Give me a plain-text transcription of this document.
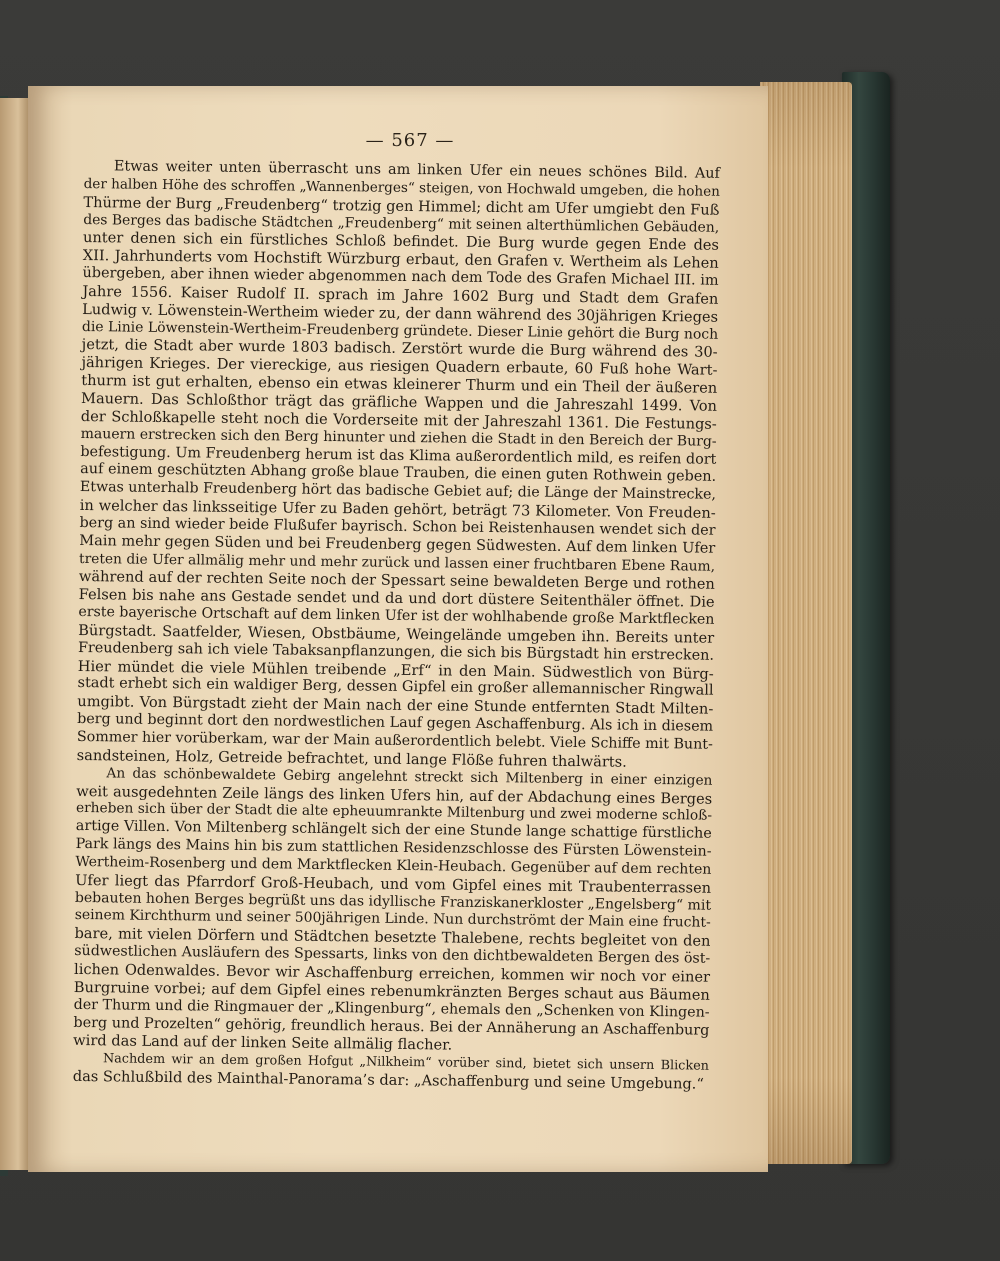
— 567 —

Etwas weiter unten überrascht uns am linken Ufer ein neues schönes Bild. Auf
der halben Höhe des schroffen „Wannenberges“ steigen, von Hochwald umgeben, die hohen
Thürme der Burg „Freudenberg“ trotzig gen Himmel; dicht am Ufer umgiebt den Fuß
des Berges das badische Städtchen „Freudenberg“ mit seinen alterthümlichen Gebäuden,
unter denen sich ein fürstliches Schloß befindet. Die Burg wurde gegen Ende des
XII. Jahrhunderts vom Hochstift Würzburg erbaut, den Grafen v. Wertheim als Lehen
übergeben, aber ihnen wieder abgenommen nach dem Tode des Grafen Michael III. im
Jahre 1556. Kaiser Rudolf II. sprach im Jahre 1602 Burg und Stadt dem Grafen
Ludwig v. Löwenstein-Wertheim wieder zu, der dann während des 30jährigen Krieges
die Linie Löwenstein-Wertheim-Freudenberg gründete. Dieser Linie gehört die Burg noch
jetzt, die Stadt aber wurde 1803 badisch. Zerstört wurde die Burg während des 30-
jährigen Krieges. Der viereckige, aus riesigen Quadern erbaute, 60 Fuß hohe Wart-
thurm ist gut erhalten, ebenso ein etwas kleinerer Thurm und ein Theil der äußeren
Mauern. Das Schloßthor trägt das gräfliche Wappen und die Jahreszahl 1499. Von
der Schloßkapelle steht noch die Vorderseite mit der Jahreszahl 1361. Die Festungs-
mauern erstrecken sich den Berg hinunter und ziehen die Stadt in den Bereich der Burg-
befestigung. Um Freudenberg herum ist das Klima außerordentlich mild, es reifen dort
auf einem geschützten Abhang große blaue Trauben, die einen guten Rothwein geben.
Etwas unterhalb Freudenberg hört das badische Gebiet auf; die Länge der Mainstrecke,
in welcher das linksseitige Ufer zu Baden gehört, beträgt 73 Kilometer. Von Freuden-
berg an sind wieder beide Flußufer bayrisch. Schon bei Reistenhausen wendet sich der
Main mehr gegen Süden und bei Freudenberg gegen Südwesten. Auf dem linken Ufer
treten die Ufer allmälig mehr und mehr zurück und lassen einer fruchtbaren Ebene Raum,
während auf der rechten Seite noch der Spessart seine bewaldeten Berge und rothen
Felsen bis nahe ans Gestade sendet und da und dort düstere Seitenthäler öffnet. Die
erste bayerische Ortschaft auf dem linken Ufer ist der wohlhabende große Marktflecken
Bürgstadt. Saatfelder, Wiesen, Obstbäume, Weingelände umgeben ihn. Bereits unter
Freudenberg sah ich viele Tabaksanpflanzungen, die sich bis Bürgstadt hin erstrecken.
Hier mündet die viele Mühlen treibende „Erf“ in den Main. Südwestlich von Bürg-
stadt erhebt sich ein waldiger Berg, dessen Gipfel ein großer allemannischer Ringwall
umgibt. Von Bürgstadt zieht der Main nach der eine Stunde entfernten Stadt Milten-
berg und beginnt dort den nordwestlichen Lauf gegen Aschaffenburg. Als ich in diesem
Sommer hier vorüberkam, war der Main außerordentlich belebt. Viele Schiffe mit Bunt-
sandsteinen, Holz, Getreide befrachtet, und lange Flöße fuhren thalwärts.

An das schönbewaldete Gebirg angelehnt streckt sich Miltenberg in einer einzigen
weit ausgedehnten Zeile längs des linken Ufers hin, auf der Abdachung eines Berges
erheben sich über der Stadt die alte epheuumrankte Miltenburg und zwei moderne schloß-
artige Villen. Von Miltenberg schlängelt sich der eine Stunde lange schattige fürstliche
Park längs des Mains hin bis zum stattlichen Residenzschlosse des Fürsten Löwenstein-
Wertheim-Rosenberg und dem Marktflecken Klein-Heubach. Gegenüber auf dem rechten
Ufer liegt das Pfarrdorf Groß-Heubach, und vom Gipfel eines mit Traubenterrassen
bebauten hohen Berges begrüßt uns das idyllische Franziskanerkloster „Engelsberg“ mit
seinem Kirchthurm und seiner 500jährigen Linde. Nun durchströmt der Main eine frucht-
bare, mit vielen Dörfern und Städtchen besetzte Thalebene, rechts begleitet von den
südwestlichen Ausläufern des Spessarts, links von den dichtbewaldeten Bergen des öst-
lichen Odenwaldes. Bevor wir Aschaffenburg erreichen, kommen wir noch vor einer
Burgruine vorbei; auf dem Gipfel eines rebenumkränzten Berges schaut aus Bäumen
der Thurm und die Ringmauer der „Klingenburg“, ehemals den „Schenken von Klingen-
berg und Prozelten“ gehörig, freundlich heraus. Bei der Annäherung an Aschaffenburg
wird das Land auf der linken Seite allmälig flacher.

Nachdem wir an dem großen Hofgut „Nilkheim“ vorüber sind, bietet sich unsern Blicken
das Schlußbild des Mainthal-Panorama’s dar: „Aschaffenburg und seine Umgebung.“
